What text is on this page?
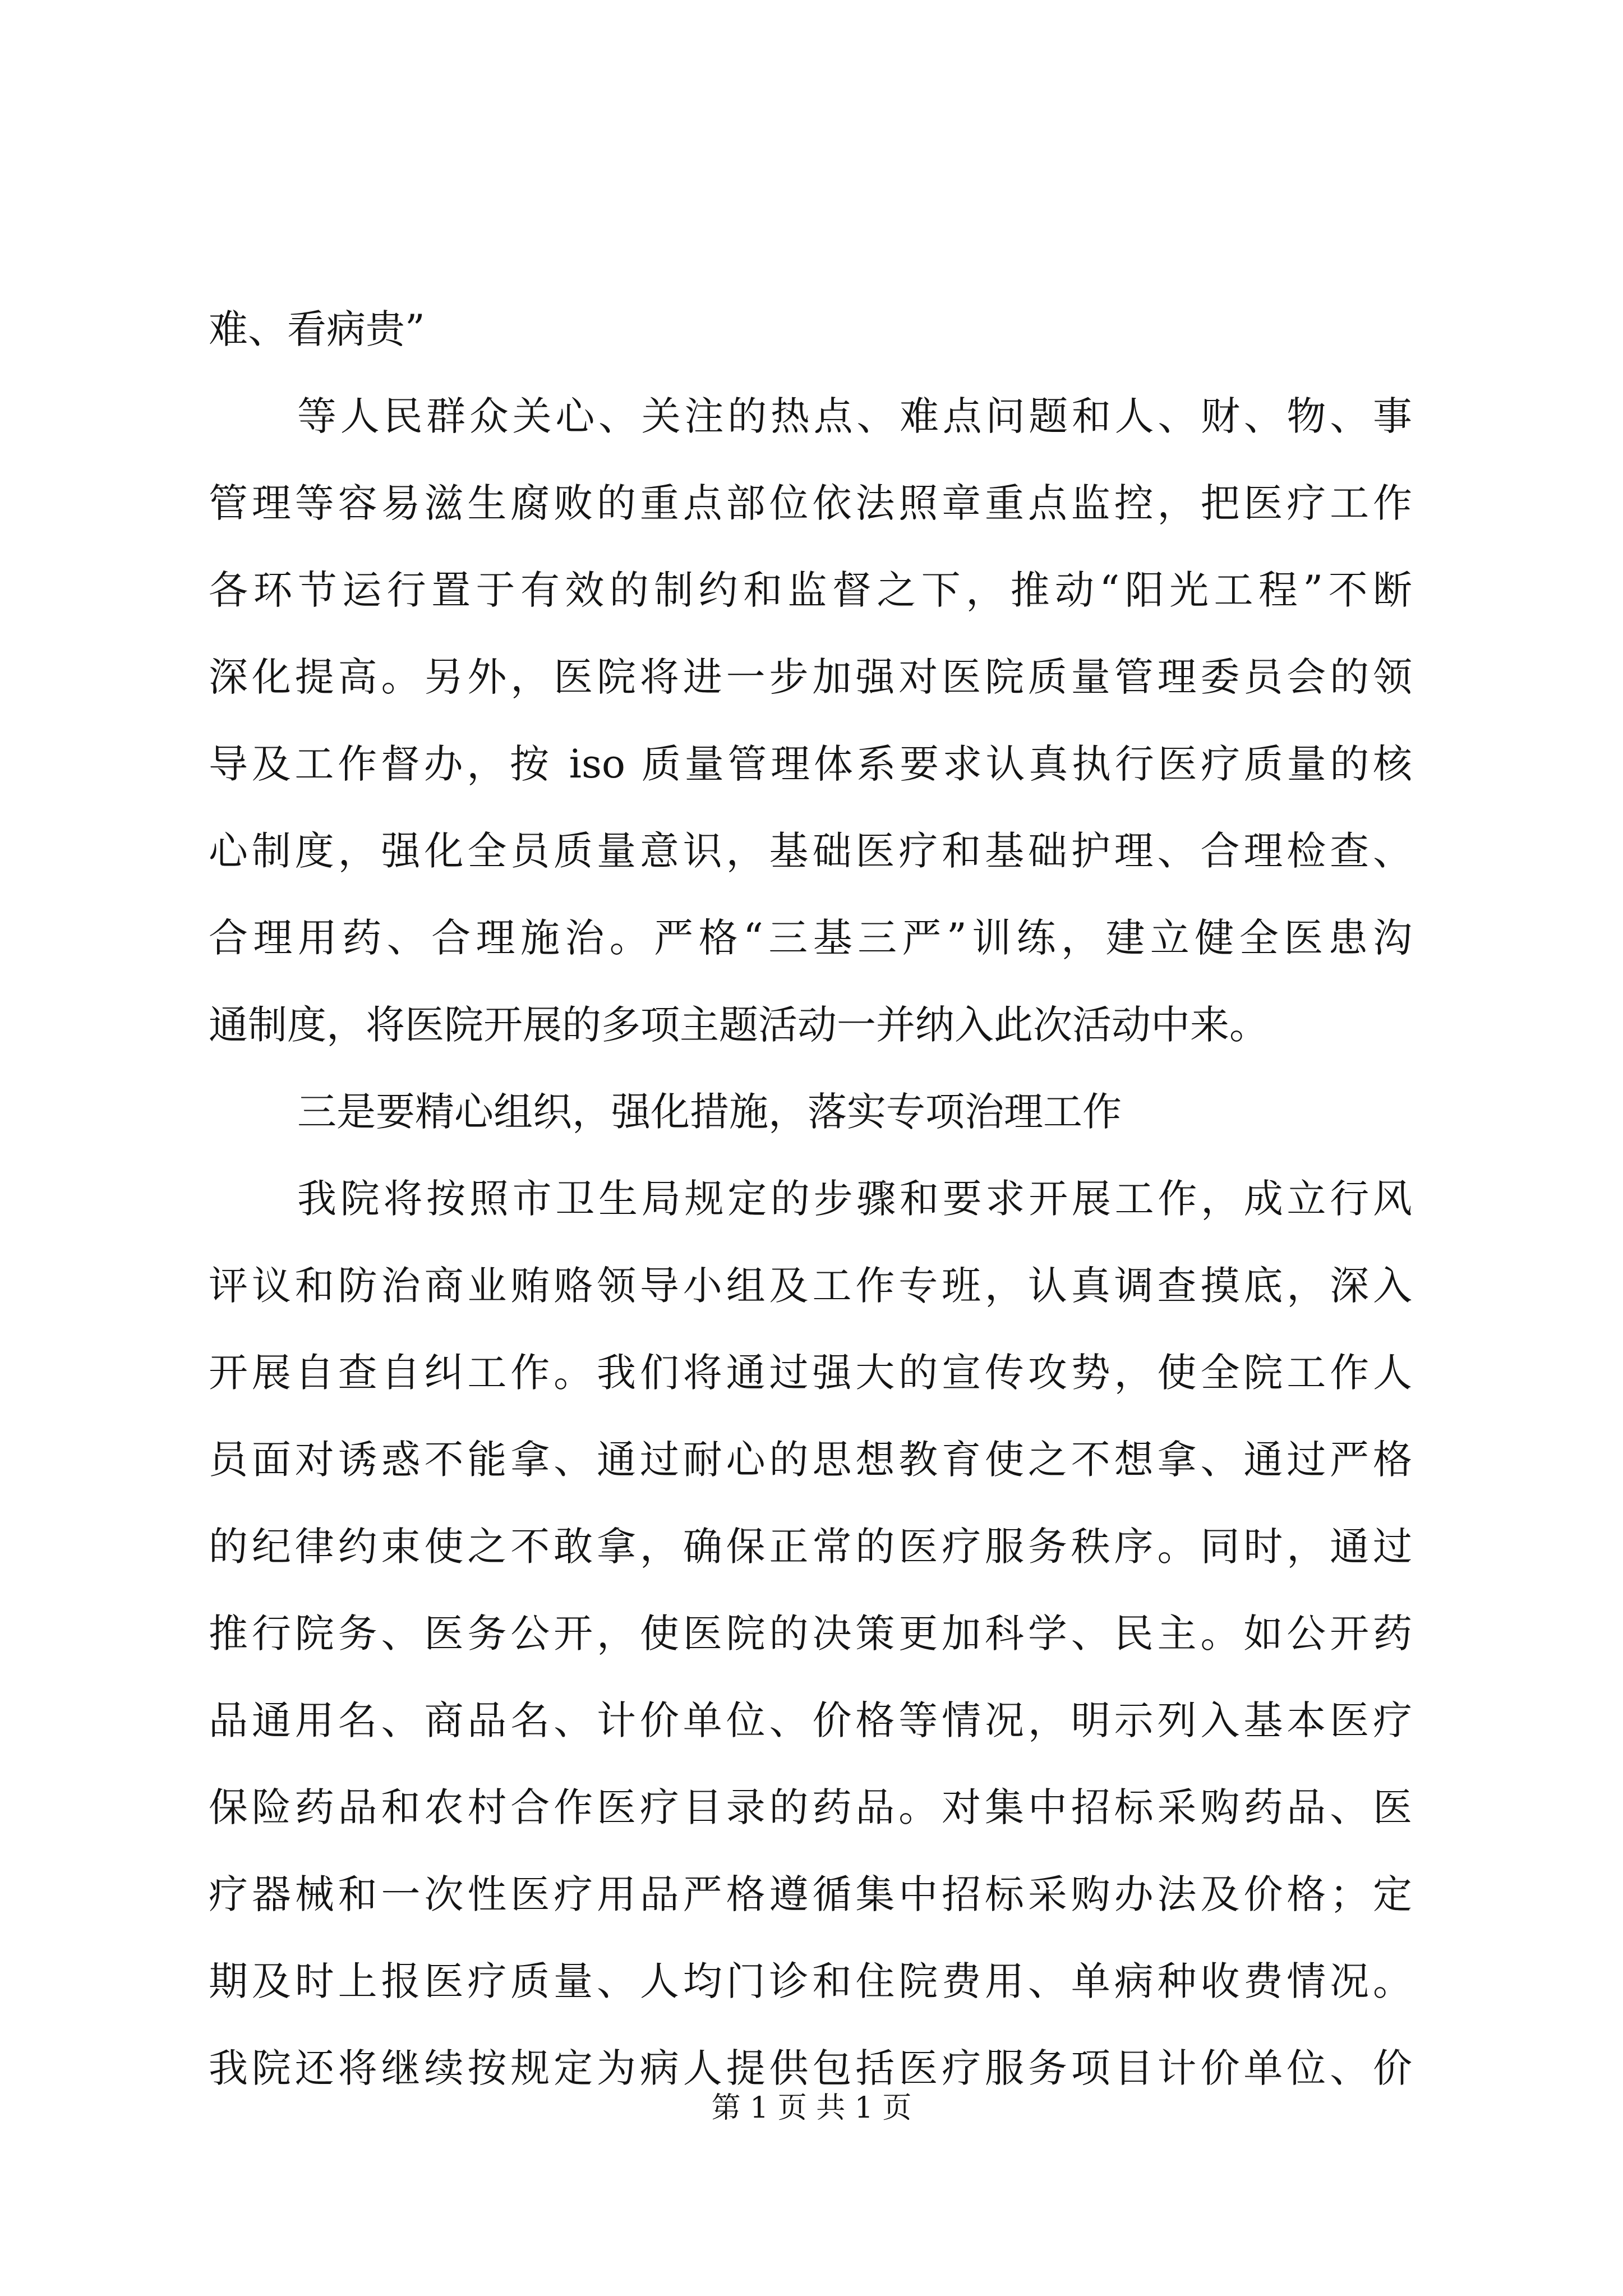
难、看病贵”

等人民群众关心、关注的热点、难点问题和人、财、物、事

管理等容易滋生腐败的重点部位依法照章重点监控，把医疗工作

各环节运行置于有效的制约和监督之下，推动“阳光工程”不断

深化提高。另外，医院将进一步加强对医院质量管理委员会的领

导及工作督办，按 iso 质量管理体系要求认真执行医疗质量的核

心制度，强化全员质量意识，基础医疗和基础护理、合理检查、

合理用药、合理施治。严格“三基三严”训练，建立健全医患沟

通制度，将医院开展的多项主题活动一并纳入此次活动中来。

三是要精心组织，强化措施，落实专项治理工作

我院将按照市卫生局规定的步骤和要求开展工作，成立行风

评议和防治商业贿赂领导小组及工作专班，认真调查摸底，深入

开展自查自纠工作。我们将通过强大的宣传攻势，使全院工作人

员面对诱惑不能拿、通过耐心的思想教育使之不想拿、通过严格

的纪律约束使之不敢拿，确保正常的医疗服务秩序。同时，通过

推行院务、医务公开，使医院的决策更加科学、民主。如公开药

品通用名、商品名、计价单位、价格等情况，明示列入基本医疗

保险药品和农村合作医疗目录的药品。对集中招标采购药品、医

疗器械和一次性医疗用品严格遵循集中招标采购办法及价格；定

期及时上报医疗质量、人均门诊和住院费用、单病种收费情况。

我院还将继续按规定为病人提供包括医疗服务项目计价单位、价

第 1 页 共 1 页
